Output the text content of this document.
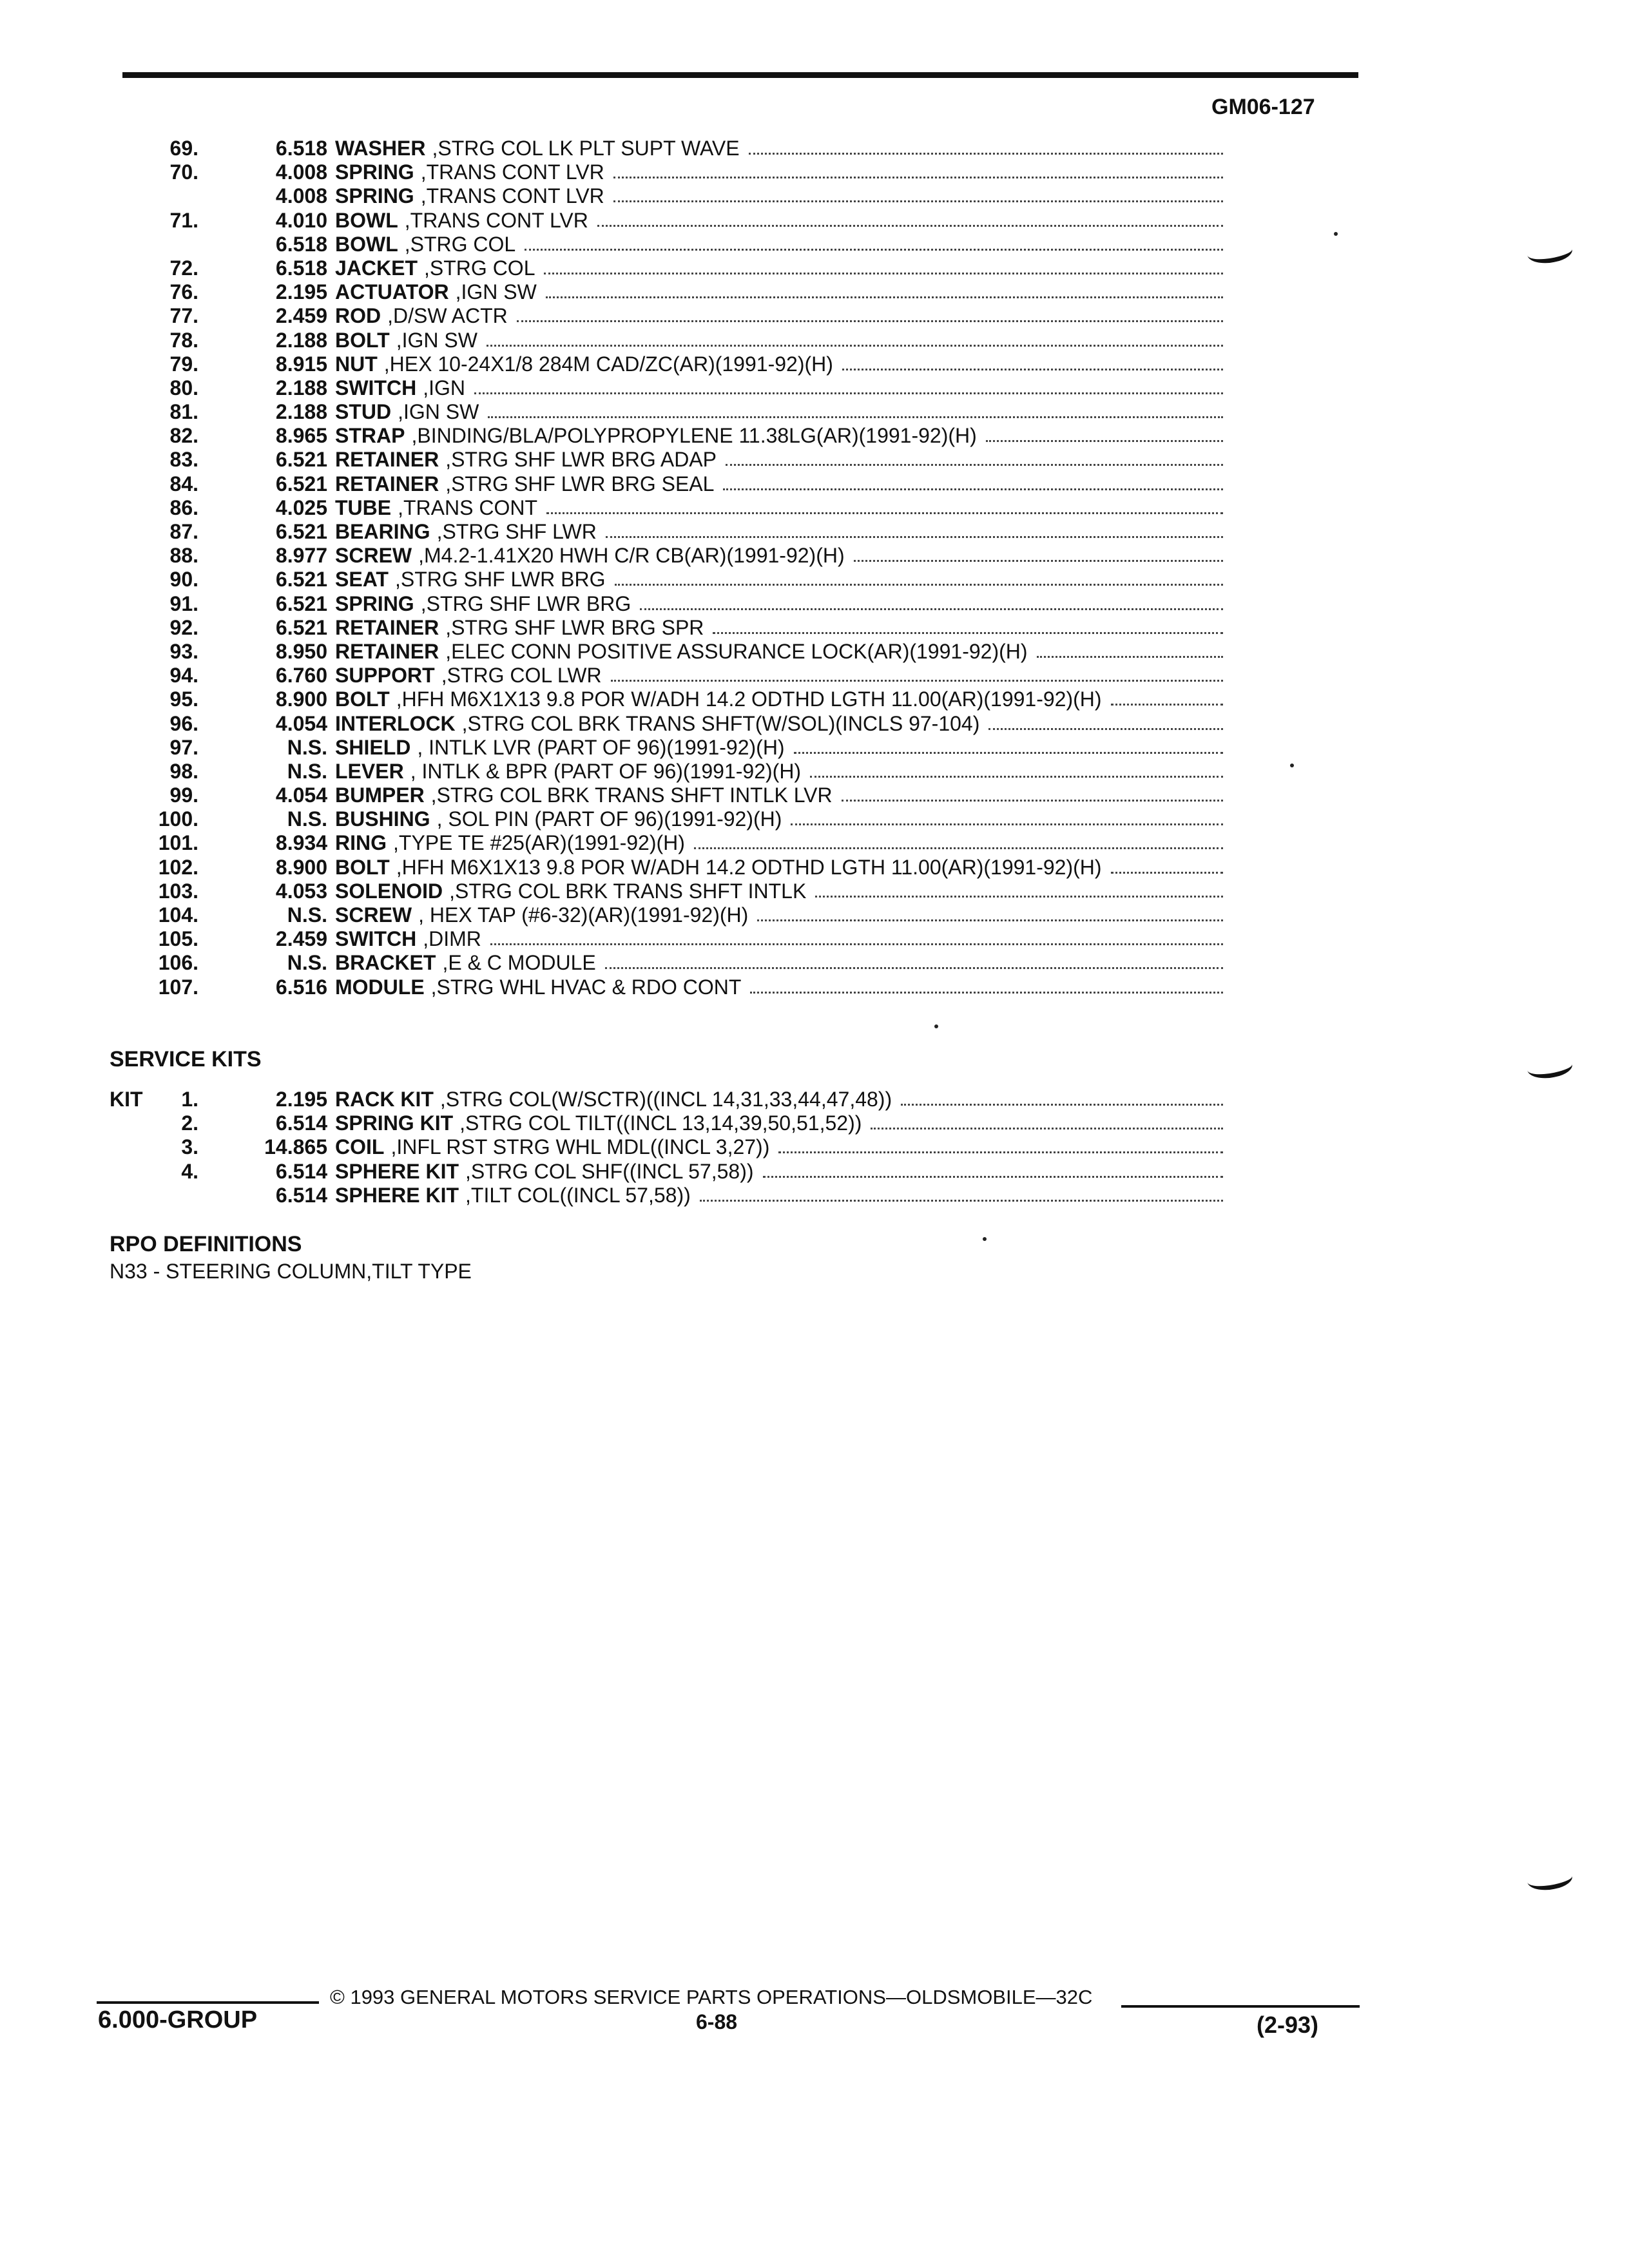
GM06-127
69.	6.518 WASHER ,STRG COL LK PLT SUPT WAVE
70.	4.008 SPRING ,TRANS CONT LVR
4.008 SPRING ,TRANS CONT LVR
71.	4.010 BOWL ,TRANS CONT LVR
6.518 BOWL ,STRG COL
72.	6.518 JACKET ,STRG COL
76.	2.195 ACTUATOR ,IGN SW
77.	2.459 ROD ,D/SW ACTR
78.	2.188 BOLT ,IGN SW
79.	8.915 NUT ,HEX 10-24X1/8 284M CAD/ZC(AR)(1991-92)(H)
80.	2.188 SWITCH ,IGN
81.	2.188 STUD ,IGN SW
82.	8.965 STRAP ,BINDING/BLA/POLYPROPYLENE 11.38LG(AR)(1991-92)(H)
83.	6.521 RETAINER ,STRG SHF LWR BRG ADAP
84.	6.521 RETAINER ,STRG SHF LWR BRG SEAL
86.	4.025 TUBE ,TRANS CONT
87.	6.521 BEARING ,STRG SHF LWR
88.	8.977 SCREW ,M4.2-1.41X20 HWH C/R CB(AR)(1991-92)(H)
90.	6.521 SEAT ,STRG SHF LWR BRG
91.	6.521 SPRING ,STRG SHF LWR BRG
92.	6.521 RETAINER ,STRG SHF LWR BRG SPR
93.	8.950 RETAINER ,ELEC CONN POSITIVE ASSURANCE LOCK(AR)(1991-92)(H)
94.	6.760 SUPPORT ,STRG COL LWR
95.	8.900 BOLT ,HFH M6X1X13 9.8 POR W/ADH 14.2 ODTHD LGTH 11.00(AR)(1991-92)(H)
96.	4.054 INTERLOCK ,STRG COL BRK TRANS SHFT(W/SOL)(INCLS 97-104)
97.	N.S. SHIELD , INTLK LVR (PART OF 96)(1991-92)(H)
98.	N.S. LEVER , INTLK & BPR (PART OF 96)(1991-92)(H)
99.	4.054 BUMPER ,STRG COL BRK TRANS SHFT INTLK LVR
100.	N.S. BUSHING , SOL PIN (PART OF 96)(1991-92)(H)
101.	8.934 RING ,TYPE TE #25(AR)(1991-92)(H)
102.	8.900 BOLT ,HFH M6X1X13 9.8 POR W/ADH 14.2 ODTHD LGTH 11.00(AR)(1991-92)(H)
103.	4.053 SOLENOID ,STRG COL BRK TRANS SHFT INTLK
104.	N.S. SCREW , HEX TAP (#6-32)(AR)(1991-92)(H)
105.	2.459 SWITCH ,DIMR
106.	N.S. BRACKET ,E & C MODULE
107.	6.516 MODULE ,STRG WHL HVAC & RDO CONT
SERVICE KITS
KIT 1.	2.195 RACK KIT ,STRG COL(W/SCTR)((INCL 14,31,33,44,47,48))
2.	6.514 SPRING KIT ,STRG COL TILT((INCL 13,14,39,50,51,52))
3.	14.865 COIL ,INFL RST STRG WHL MDL((INCL 3,27))
4.	6.514 SPHERE KIT ,STRG COL SHF((INCL 57,58))
6.514 SPHERE KIT ,TILT COL((INCL 57,58))
RPO DEFINITIONS
N33 - STEERING COLUMN,TILT TYPE
6.000-GROUP
© 1993 GENERAL MOTORS SERVICE PARTS OPERATIONS—OLDSMOBILE—32C
6-88	(2-93)
